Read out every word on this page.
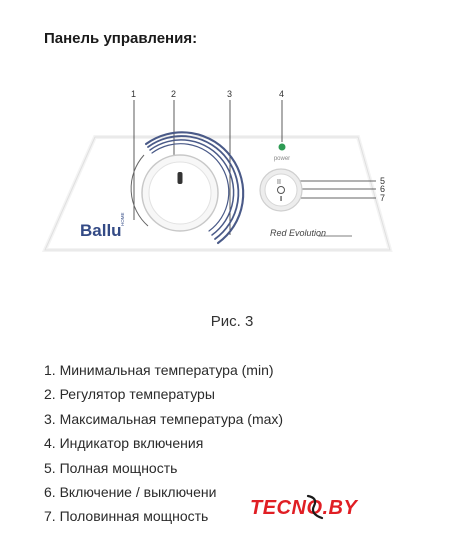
Панель управления:
1	2	3	4
5
6
7
power
II
Ballu
HOME
Red Evolution
Рис. 3
1. Минимальная температура (min)
2. Регулятор температуры
3. Максимальная температура (max)
4. Индикатор включения
5. Полная мощность
6. Включение / выключени
7. Половинная мощность	TECNO.BY
